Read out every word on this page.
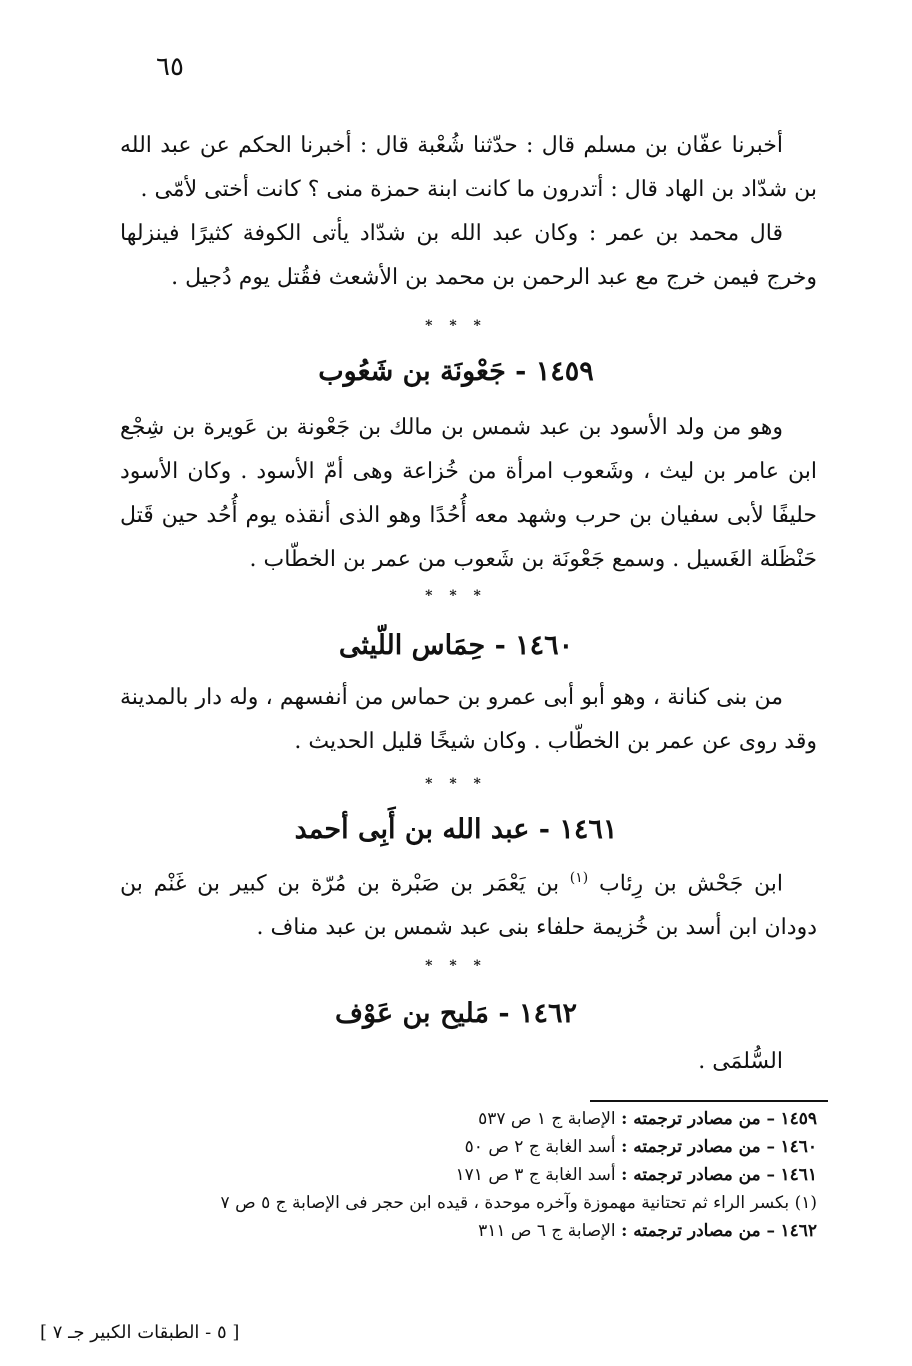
٦٥

أخبرنا عفّان بن مسلم قال : حدّثنا شُعْبة قال : أخبرنا الحكم عن عبد الله بن شدّاد بن الهاد قال : أتدرون ما كانت ابنة حمزة منى ؟ كانت أختى لأمّى .

قال محمد بن عمر : وكان عبد الله بن شدّاد يأتى الكوفة كثيرًا فينزلها وخرج فيمن خرج مع عبد الرحمن بن محمد بن الأشعث فقُتل يوم دُجيل .

* * *
١٤٥٩ - جَعْونَة بن شَعُوب

وهو من ولد الأسود بن عبد شمس بن مالك بن جَعْونة بن عَويرة بن شِجْع ابن عامر بن ليث ، وشَعوب امرأة من خُزاعة وهى أمّ الأسود . وكان الأسود حليفًا لأبى سفيان بن حرب وشهد معه أُحُدًا وهو الذى أنقذه يوم أُحُد حين قَتل حَنْظَلة الغَسيل . وسمع جَعْونَة بن شَعوب من عمر بن الخطّاب .

* * *
١٤٦٠ - حِمَاس اللّيثى

من بنى كنانة ، وهو أبو أبى عمرو بن حماس من أنفسهم ، وله دار بالمدينة وقد روى عن عمر بن الخطّاب . وكان شيخًا قليل الحديث .

* * *
١٤٦١ - عبد الله بن أَبِى أحمد

ابن جَحْش بن رِئاب $^{(١)}$ بن يَعْمَر بن صَبْرة بن مُرّة بن كبير بن غَنْم بن دودان ابن أسد بن خُزيمة حلفاء بنى عبد شمس بن عبد مناف .

* * *
١٤٦٢ - مَليح بن عَوْف

السُّلمَى .

١٤٥٩ – من مصادر ترجمته : الإصابة ج ١ ص ٥٣٧

١٤٦٠ – من مصادر ترجمته : أسد الغابة ج ٢ ص ٥٠

١٤٦١ – من مصادر ترجمته : أسد الغابة ج ٣ ص ١٧١

(١) بكسر الراء ثم تحتانية مهموزة وآخره موحدة ، قيده ابن حجر فى الإصابة ج ٥ ص ٧

١٤٦٢ – من مصادر ترجمته : الإصابة ج ٦ ص ٣١١

[ ٥ - الطبقات الكبير جـ ٧ ]
